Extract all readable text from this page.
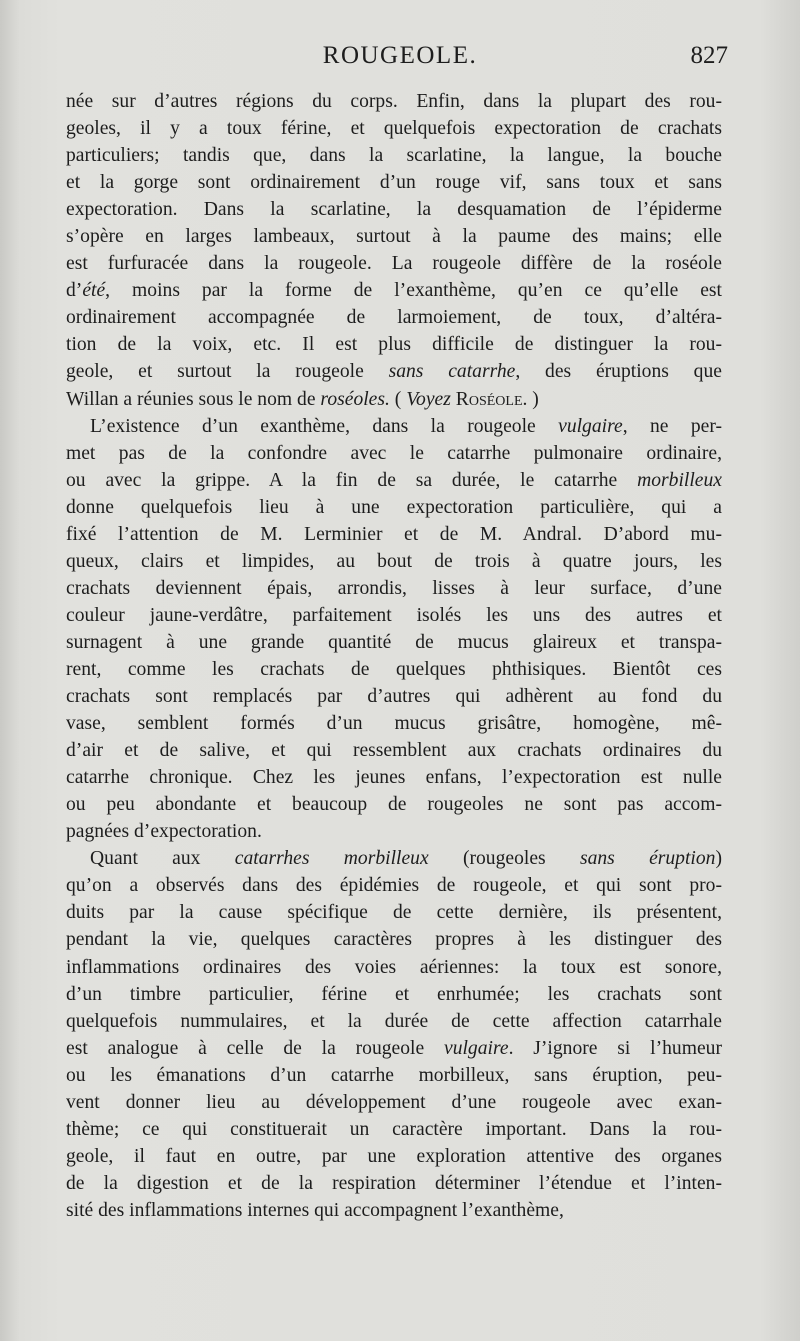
ROUGEOLE.	827
née sur d’autres régions du corps. Enfin, dans la plupart des rou-
geoles, il y a toux férine, et quelquefois expectoration de crachats
particuliers; tandis que, dans la scarlatine, la langue, la bouche
et la gorge sont ordinairement d’un rouge vif, sans toux et sans
expectoration. Dans la scarlatine, la desquamation de l’épiderme
s’opère en larges lambeaux, surtout à la paume des mains; elle
est furfuracée dans la rougeole. La rougeole diffère de la roséole
d’été, moins par la forme de l’exanthème, qu’en ce qu’elle est
ordinairement accompagnée de larmoiement, de toux, d’altéra-
tion de la voix, etc. Il est plus difficile de distinguer la rou-
geole, et surtout la rougeole sans catarrhe, des éruptions que
Willan a réunies sous le nom de roséoles. ( Voyez Roséole. )
L’existence d’un exanthème, dans la rougeole vulgaire, ne per-
met pas de la confondre avec le catarrhe pulmonaire ordinaire,
ou avec la grippe. A la fin de sa durée, le catarrhe morbilleux
donne quelquefois lieu à une expectoration particulière, qui a
fixé l’attention de M. Lerminier et de M. Andral. D’abord mu-
queux, clairs et limpides, au bout de trois à quatre jours, les
crachats deviennent épais, arrondis, lisses à leur surface, d’une
couleur jaune-verdâtre, parfaitement isolés les uns des autres et
surnagent à une grande quantité de mucus glaireux et transpa-
rent, comme les crachats de quelques phthisiques. Bientôt ces
crachats sont remplacés par d’autres qui adhèrent au fond du
vase, semblent formés d’un mucus grisâtre, homogène, mê-
d’air et de salive, et qui ressemblent aux crachats ordinaires du
catarrhe chronique. Chez les jeunes enfans, l’expectoration est nulle
ou peu abondante et beaucoup de rougeoles ne sont pas accom-
pagnées d’expectoration.
Quant aux catarrhes morbilleux (rougeoles sans éruption)
qu’on a observés dans des épidémies de rougeole, et qui sont pro-
duits par la cause spécifique de cette dernière, ils présentent,
pendant la vie, quelques caractères propres à les distinguer des
inflammations ordinaires des voies aériennes: la toux est sonore,
d’un timbre particulier, férine et enrhumée; les crachats sont
quelquefois nummulaires, et la durée de cette affection catarrhale
est analogue à celle de la rougeole vulgaire. J’ignore si l’humeur
ou les émanations d’un catarrhe morbilleux, sans éruption, peu-
vent donner lieu au développement d’une rougeole avec exan-
thème; ce qui constituerait un caractère important. Dans la rou-
geole, il faut en outre, par une exploration attentive des organes
de la digestion et de la respiration déterminer l’étendue et l’inten-
sité des inflammations internes qui accompagnent l’exanthème,
